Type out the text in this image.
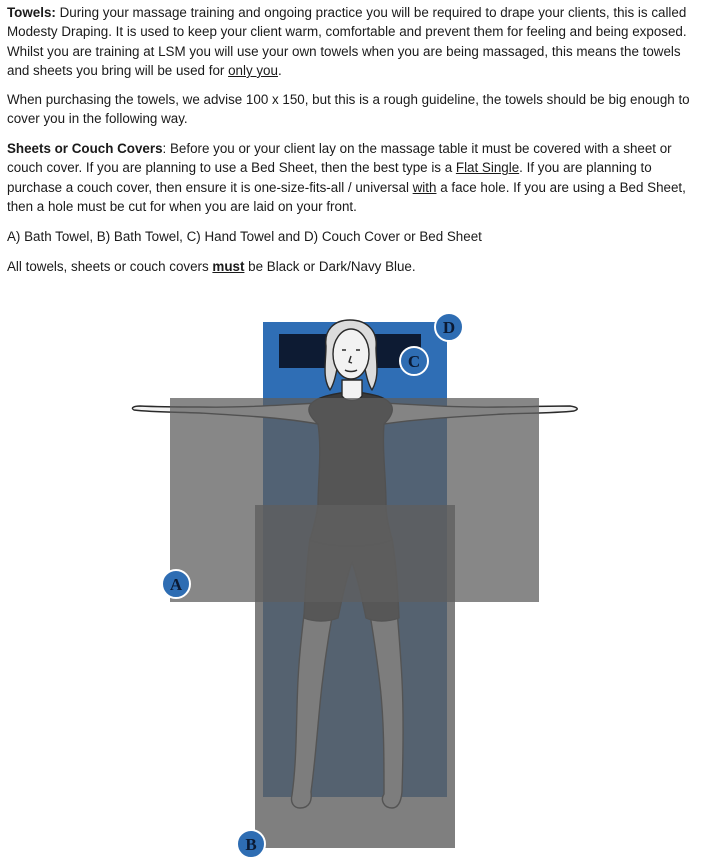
Towels: During your massage training and ongoing practice you will be required to drape your clients, this is called Modesty Draping. It is used to keep your client warm, comfortable and prevent them for feeling and being exposed. Whilst you are training at LSM you will use your own towels when you are being massaged, this means the towels and sheets you bring will be used for only you.

When purchasing the towels, we advise 100 x 150, but this is a rough guideline, the towels should be big enough to cover you in the following way.

Sheets or Couch Covers: Before you or your client lay on the massage table it must be covered with a sheet or couch cover. If you are planning to use a Bed Sheet, then the best type is a Flat Single. If you are planning to purchase a couch cover, then ensure it is one-size-fits-all / universal with a face hole. If you are using a Bed Sheet, then a hole must be cut for when you are laid on your front.

A) Bath Towel, B) Bath Towel, C) Hand Towel and D) Couch Cover or Bed Sheet

All towels, sheets or couch covers must be Black or Dark/Navy Blue.

D
C
A
B
